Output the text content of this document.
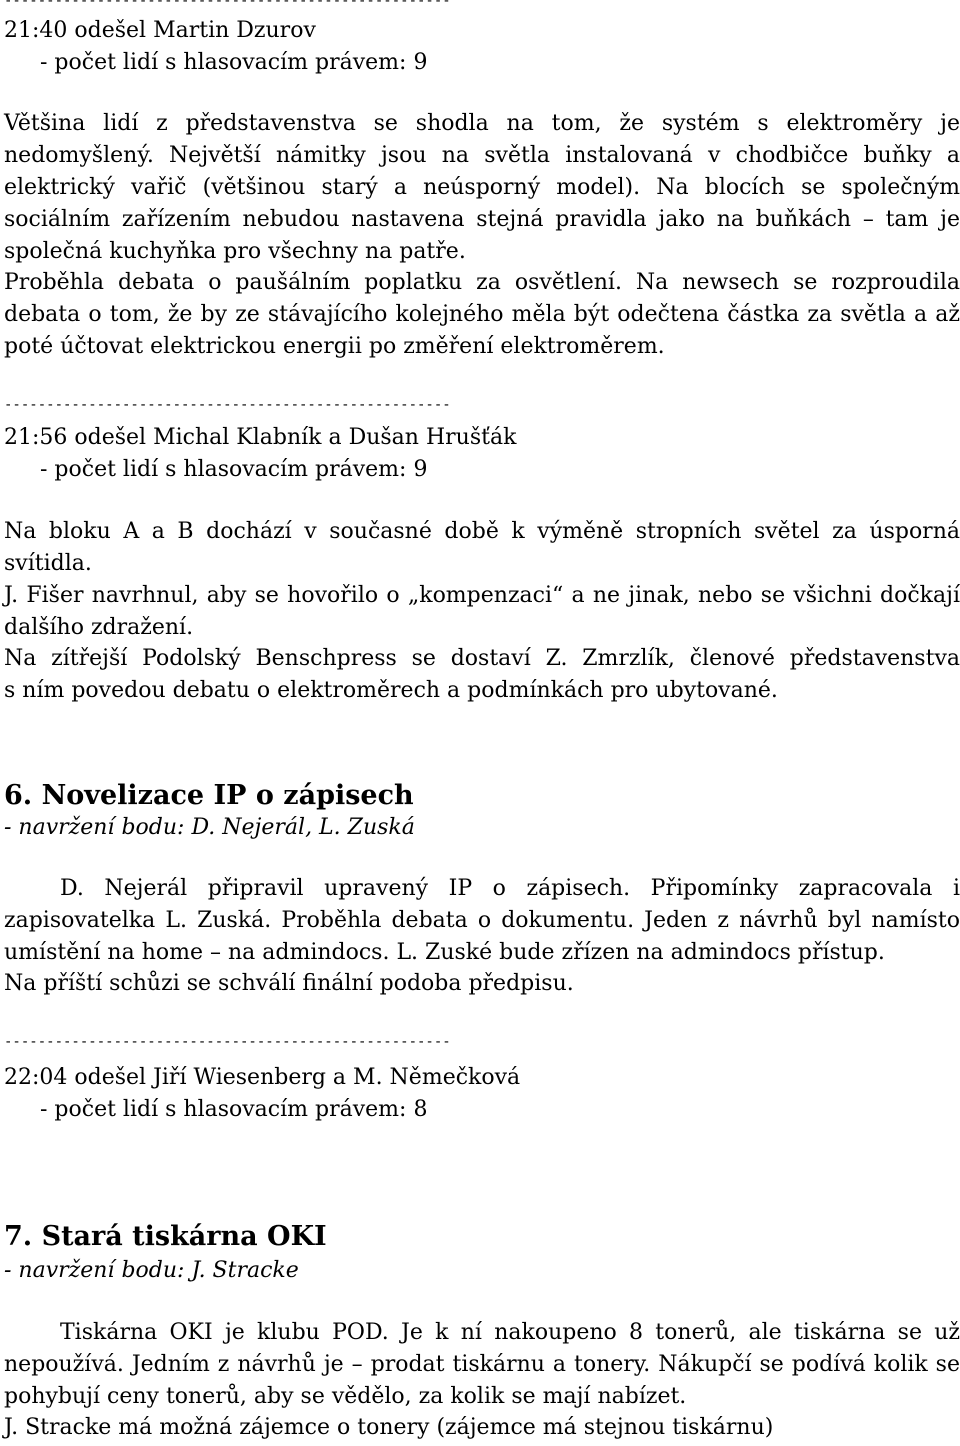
-----------------------------------------------------
21:40 odešel Martin Dzurov
- počet lidí s hlasovacím právem: 9
Většina lidí z představenstva se shodla na tom, že systém s elektroměry je
nedomyšlený. Největší námitky jsou na světla instalovaná v chodbičce buňky a
elektrický vařič (většinou starý a neúsporný model). Na blocích se společným
sociálním zařízením nebudou nastavena stejná pravidla jako na buňkách – tam je
společná kuchyňka pro všechny na patře.
Proběhla debata o paušálním poplatku za osvětlení. Na newsech se rozproudila
debata o tom, že by ze stávajícího kolejného měla být odečtena částka za světla a až
poté účtovat elektrickou energii po změření elektroměrem.
-----------------------------------------------------
21:56 odešel Michal Klabník a Dušan Hrušťák
- počet lidí s hlasovacím právem: 9
Na bloku A a B dochází v současné době k výměně stropních světel za úsporná
svítidla.
J. Fišer navrhnul, aby se hovořilo o „kompenzaci“ a ne jinak, nebo se všichni dočkají
dalšího zdražení.
Na zítřejší Podolský Benschpress se dostaví Z. Zmrzlík, členové představenstva
s ním povedou debatu o elektroměrech a podmínkách pro ubytované.
6. Novelizace IP o zápisech
- navržení bodu: D. Nejerál, L. Zuská
D. Nejerál připravil upravený IP o zápisech. Připomínky zapracovala i
zapisovatelka L. Zuská. Proběhla debata o dokumentu. Jeden z návrhů byl namísto
umístění na home – na admindocs. L. Zuské bude zřízen na admindocs přístup.
Na příští schůzi se schválí finální podoba předpisu.
-----------------------------------------------------
22:04 odešel Jiří Wiesenberg a M. Němečková
- počet lidí s hlasovacím právem: 8
7. Stará tiskárna OKI
- navržení bodu: J. Stracke
Tiskárna OKI je klubu POD. Je k ní nakoupeno 8 tonerů, ale tiskárna se už
nepoužívá. Jedním z návrhů je – prodat tiskárnu a tonery. Nákupčí se podívá kolik se
pohybují ceny tonerů, aby se vědělo, za kolik se mají nabízet.
J. Stracke má možná zájemce o tonery (zájemce má stejnou tiskárnu)
